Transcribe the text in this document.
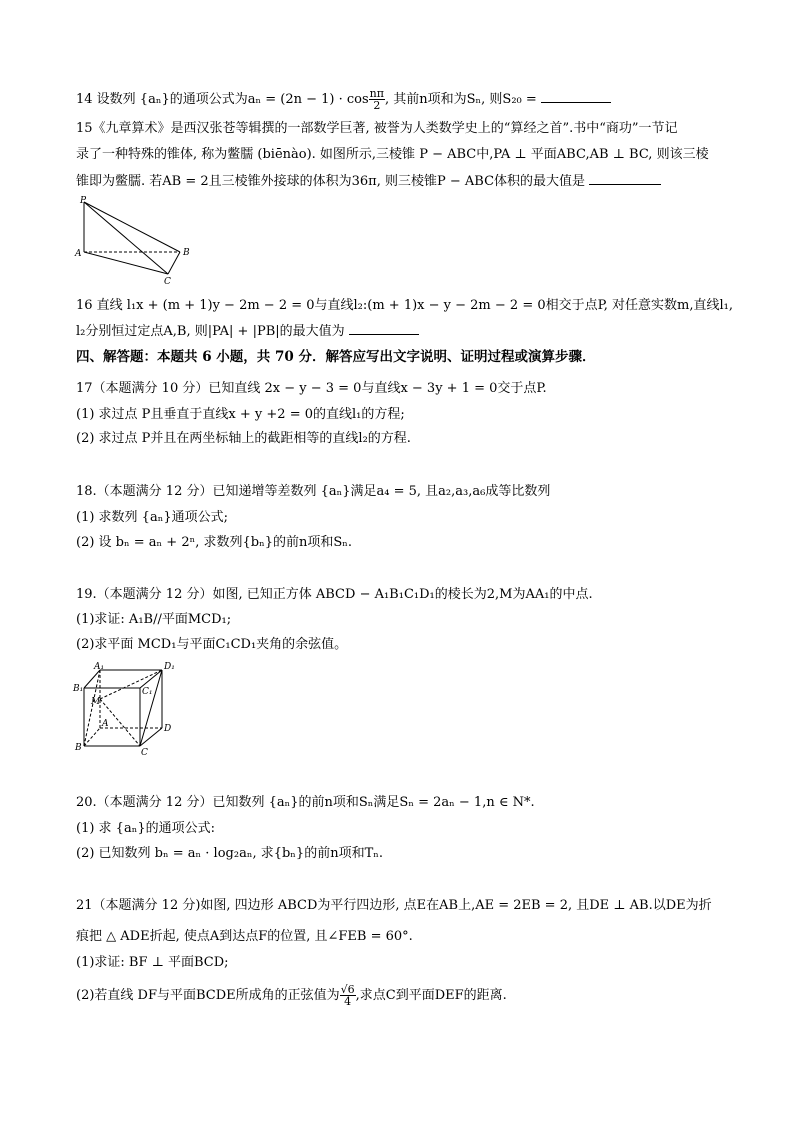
14 设数列 {aₙ}的通项公式为$a_n = (2n - 1) \cdot \cos \frac{n\pi}{2}$ , 其前n项和为Sₙ, 则S₂₀ =
15《九章算术》是西汉张苍等辑撰的一部数学巨著, 被誉为人类数学史上的“算经之首”.书中“商功”一节记
录了一种特殊的锥体, 称为鳖臑 (biēnào). 如图所示,三棱锥 P − ABC中,PA ⊥ 平面ABC,AB ⊥ BC, 则该三棱
锥即为鳖臑. 若AB = 2且三棱锥外接球的体积为36π, 则三棱锥P − ABC体积的最大值是
P
A	B
C
16 直线 l₁x + (m + 1)y − 2m − 2 = 0与直线l₂:(m + 1)x − y − 2m − 2 = 0相交于点P, 对任意实数m,直线l₁,
l₂分别恒过定点A,B, 则|PA| + |PB|的最大值为
四、解答题：本题共 6 小题，共 70 分．解答应写出文字说明、证明过程或演算步骤．
17（本题满分 10 分）已知直线 2x − y − 3 = 0与直线x − 3y + 1 = 0交于点P.
(1) 求过点 P且垂直于直线x + y +2 = 0的直线l₁的方程;
(2) 求过点 P并且在两坐标轴上的截距相等的直线l₂的方程.
18.（本题满分 12 分）已知递增等差数列 {aₙ}满足a₄ = 5, 且a₂,a₃,a₆成等比数列
(1) 求数列 {aₙ}通项公式;
(2) 设 bₙ = aₙ + 2ⁿ, 求数列{bₙ}的前n项和Sₙ.
19.（本题满分 12 分）如图, 已知正方体 ABCD − A₁B₁C₁D₁的棱长为2,M为AA₁的中点.
(1)求证: A₁B//平面MCD₁;
(2)求平面 MCD₁与平面C₁CD₁夹角的余弦值。
A₁	D₁
B₁	C₁
M
A	D
B	C
20.（本题满分 12 分）已知数列 {aₙ}的前n项和Sₙ满足Sₙ = 2aₙ − 1,n ∈ N*.
(1) 求 {aₙ}的通项公式:
(2) 已知数列 bₙ = aₙ · log₂aₙ, 求{bₙ}的前n项和Tₙ.
21（本题满分 12 分)如图, 四边形 ABCD为平行四边形, 点E在AB上,AE = 2EB = 2, 且DE ⊥ AB.以DE为折
痕把 △ ADE折起, 使点A到达点F的位置, 且∠FEB = 60°.
(1)求证: BF ⊥ 平面BCD;
(2)若直线 DF与平面BCDE所成角的正弦值为 $\frac{√6}{4}$ ,求点C到平面DEF的距离.
